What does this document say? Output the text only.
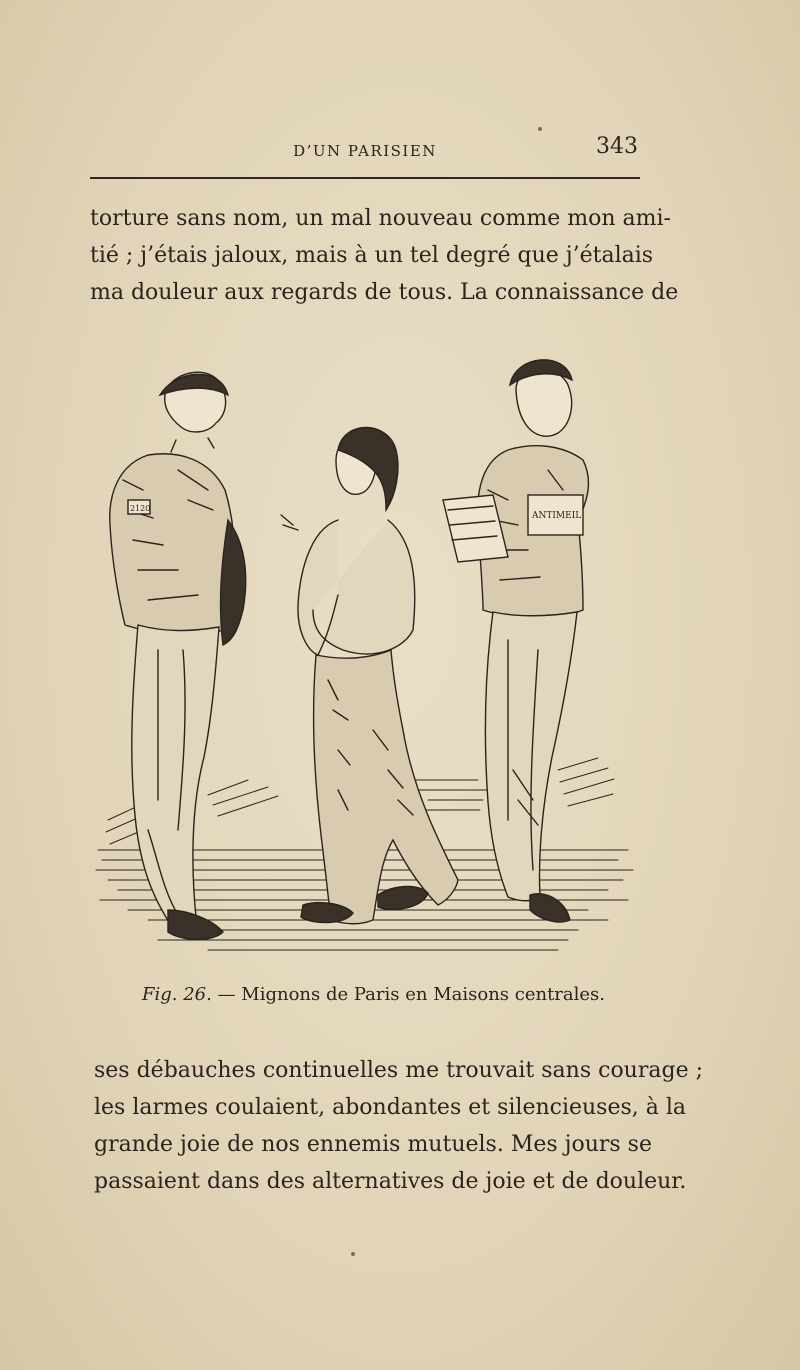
D’UN PARISIEN	343
torture sans nom, un mal nouveau comme mon ami-
tié ; j’étais jaloux, mais à un tel degré que j’étalais
ma douleur aux regards de tous. La connaissance de
2120
ANTIMEIL
Fig. 26. — Mignons de Paris en Maisons centrales.
ses débauches continuelles me trouvait sans courage ;
les larmes coulaient, abondantes et silencieuses, à la
grande joie de nos ennemis mutuels. Mes jours se
passaient dans des alternatives de joie et de douleur.
